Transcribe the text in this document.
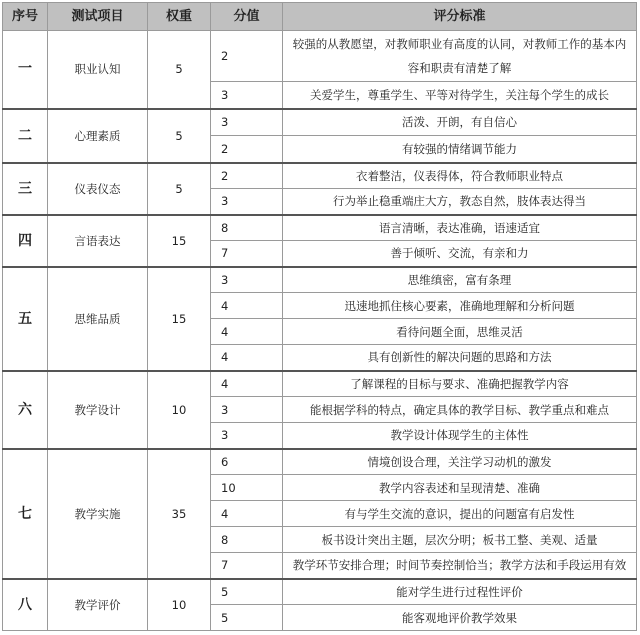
序号	测试项目	权重	分值	评分标准
一	职业认知	5	2	较强的从教愿望，对教师职业有高度的认同，对教师工作的基本内容和职责有清楚了解
			3	关爱学生，尊重学生、平等对待学生，关注每个学生的成长
二	心理素质	5	3	活泼、开朗，有自信心
			2	有较强的情绪调节能力
三	仪表仪态	5	2	衣着整洁，仪表得体，符合教师职业特点
			3	行为举止稳重端庄大方，教态自然，肢体表达得当
四	言语表达	15	8	语言清晰，表达准确，语速适宜
			7	善于倾听、交流，有亲和力
五	思维品质	15	3	思维缜密，富有条理
			4	迅速地抓住核心要素，准确地理解和分析问题
			4	看待问题全面，思维灵活
			4	具有创新性的解决问题的思路和方法
六	教学设计	10	4	了解课程的目标与要求、准确把握教学内容
			3	能根据学科的特点，确定具体的教学目标、教学重点和难点
			3	教学设计体现学生的主体性
七	教学实施	35	6	情境创设合理，关注学习动机的激发
			10	教学内容表述和呈现清楚、准确
			4	有与学生交流的意识，提出的问题富有启发性
			8	板书设计突出主题，层次分明；板书工整、美观、适量
			7	教学环节安排合理；时间节奏控制恰当；教学方法和手段运用有效
八	教学评价	10	5	能对学生进行过程性评价
			5	能客观地评价教学效果
